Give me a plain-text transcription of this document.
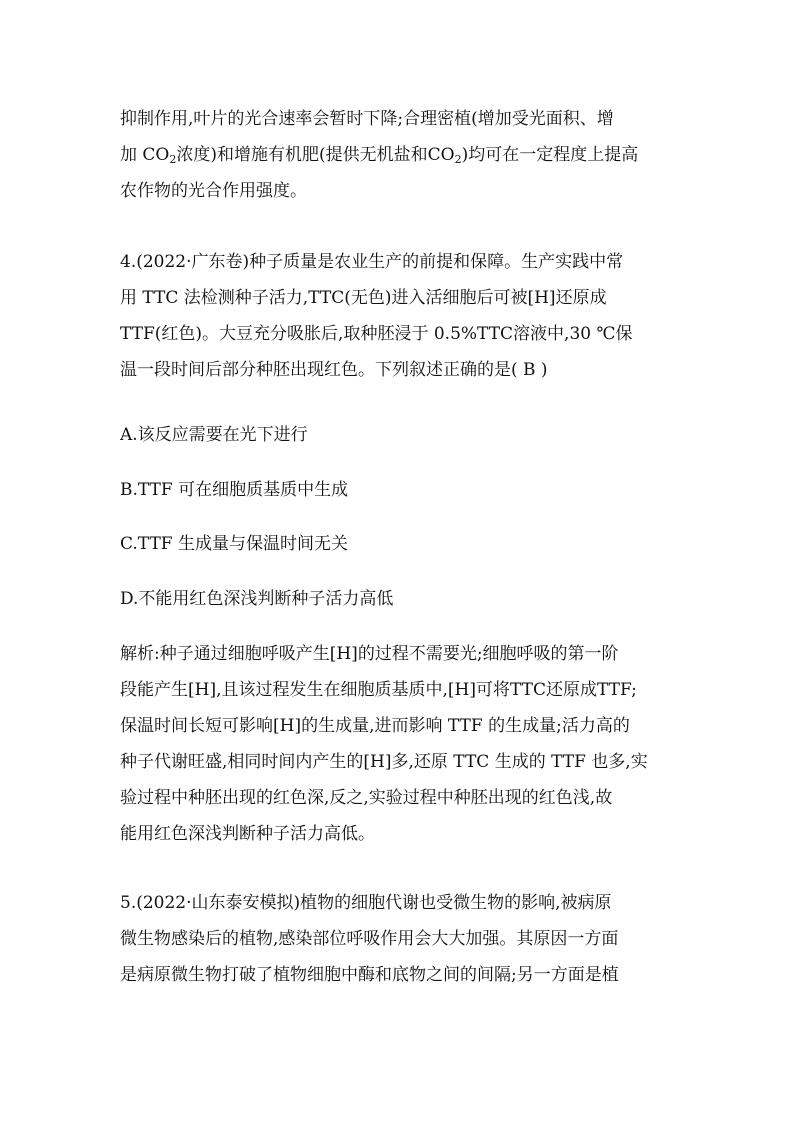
抑制作用,叶片的光合速率会暂时下降;合理密植(增加受光面积、增
加 $CO_2$浓度)和增施有机肥(提供无机盐和$CO_2$)均可在一定程度上提高
农作物的光合作用强度。
4.(2022·广东卷)种子质量是农业生产的前提和保障。生产实践中常
用 TTC 法检测种子活力,TTC(无色)进入活细胞后可被[H]还原成
TTF(红色)。大豆充分吸胀后,取种胚浸于 0.5%TTC溶液中,30 ℃保
温一段时间后部分种胚出现红色。下列叙述正确的是( B )
A.该反应需要在光下进行
B.TTF 可在细胞质基质中生成
C.TTF 生成量与保温时间无关
D.不能用红色深浅判断种子活力高低
解析:种子通过细胞呼吸产生[H]的过程不需要光;细胞呼吸的第一阶
段能产生[H],且该过程发生在细胞质基质中,[H]可将TTC还原成TTF;
保温时间长短可影响[H]的生成量,进而影响 TTF 的生成量;活力高的
种子代谢旺盛,相同时间内产生的[H]多,还原 TTC 生成的 TTF 也多,实
验过程中种胚出现的红色深,反之,实验过程中种胚出现的红色浅,故
能用红色深浅判断种子活力高低。
5.(2022·山东泰安模拟)植物的细胞代谢也受微生物的影响,被病原
微生物感染后的植物,感染部位呼吸作用会大大加强。其原因一方面
是病原微生物打破了植物细胞中酶和底物之间的间隔;另一方面是植
